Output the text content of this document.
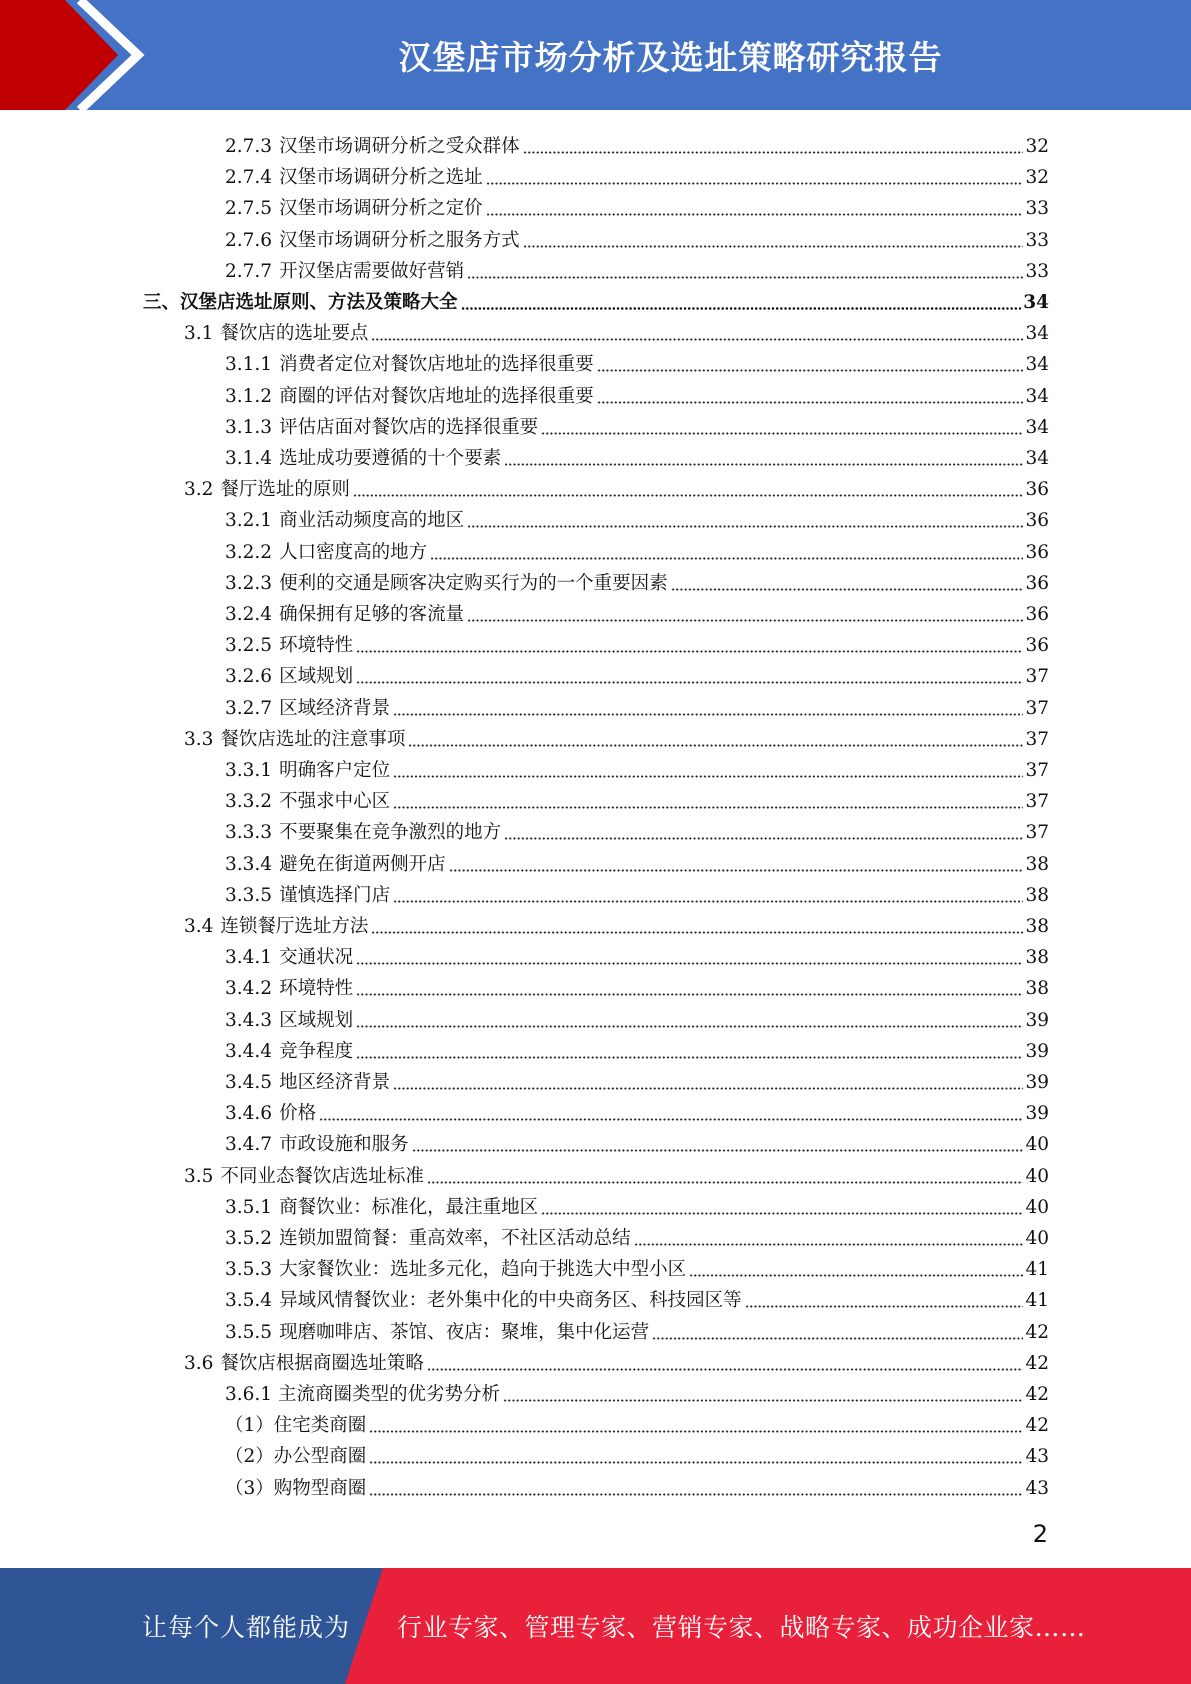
汉堡店市场分析及选址策略研究报告
2.7.3 汉堡市场调研分析之受众群体	32
2.7.4 汉堡市场调研分析之选址	32
2.7.5 汉堡市场调研分析之定价	33
2.7.6 汉堡市场调研分析之服务方式	33
2.7.7 开汉堡店需要做好营销	33
三、汉堡店选址原则、方法及策略大全	34
3.1 餐饮店的选址要点	34
3.1.1 消费者定位对餐饮店地址的选择很重要	34
3.1.2 商圈的评估对餐饮店地址的选择很重要	34
3.1.3 评估店面对餐饮店的选择很重要	34
3.1.4 选址成功要遵循的十个要素	34
3.2 餐厅选址的原则	36
3.2.1 商业活动频度高的地区	36
3.2.2 人口密度高的地方	36
3.2.3 便利的交通是顾客决定购买行为的一个重要因素	36
3.2.4 确保拥有足够的客流量	36
3.2.5 环境特性	36
3.2.6 区域规划	37
3.2.7 区域经济背景	37
3.3 餐饮店选址的注意事项	37
3.3.1 明确客户定位	37
3.3.2 不强求中心区	37
3.3.3 不要聚集在竞争激烈的地方	37
3.3.4 避免在街道两侧开店	38
3.3.5 谨慎选择门店	38
3.4 连锁餐厅选址方法	38
3.4.1 交通状况	38
3.4.2 环境特性	38
3.4.3 区域规划	39
3.4.4 竞争程度	39
3.4.5 地区经济背景	39
3.4.6 价格	39
3.4.7 市政设施和服务	40
3.5 不同业态餐饮店选址标准	40
3.5.1 商餐饮业：标准化，最注重地区	40
3.5.2 连锁加盟简餐：重高效率，不社区活动总结	40
3.5.3 大家餐饮业：选址多元化，趋向于挑选大中型小区	41
3.5.4 异域风情餐饮业：老外集中化的中央商务区、科技园区等	41
3.5.5 现磨咖啡店、茶馆、夜店：聚堆，集中化运营	42
3.6 餐饮店根据商圈选址策略	42
3.6.1 主流商圈类型的优劣势分析	42
（1）住宅类商圈	42
（2）办公型商圈	43
（3）购物型商圈	43
2
让每个人都能成为 行业专家、管理专家、营销专家、战略专家、成功企业家……
